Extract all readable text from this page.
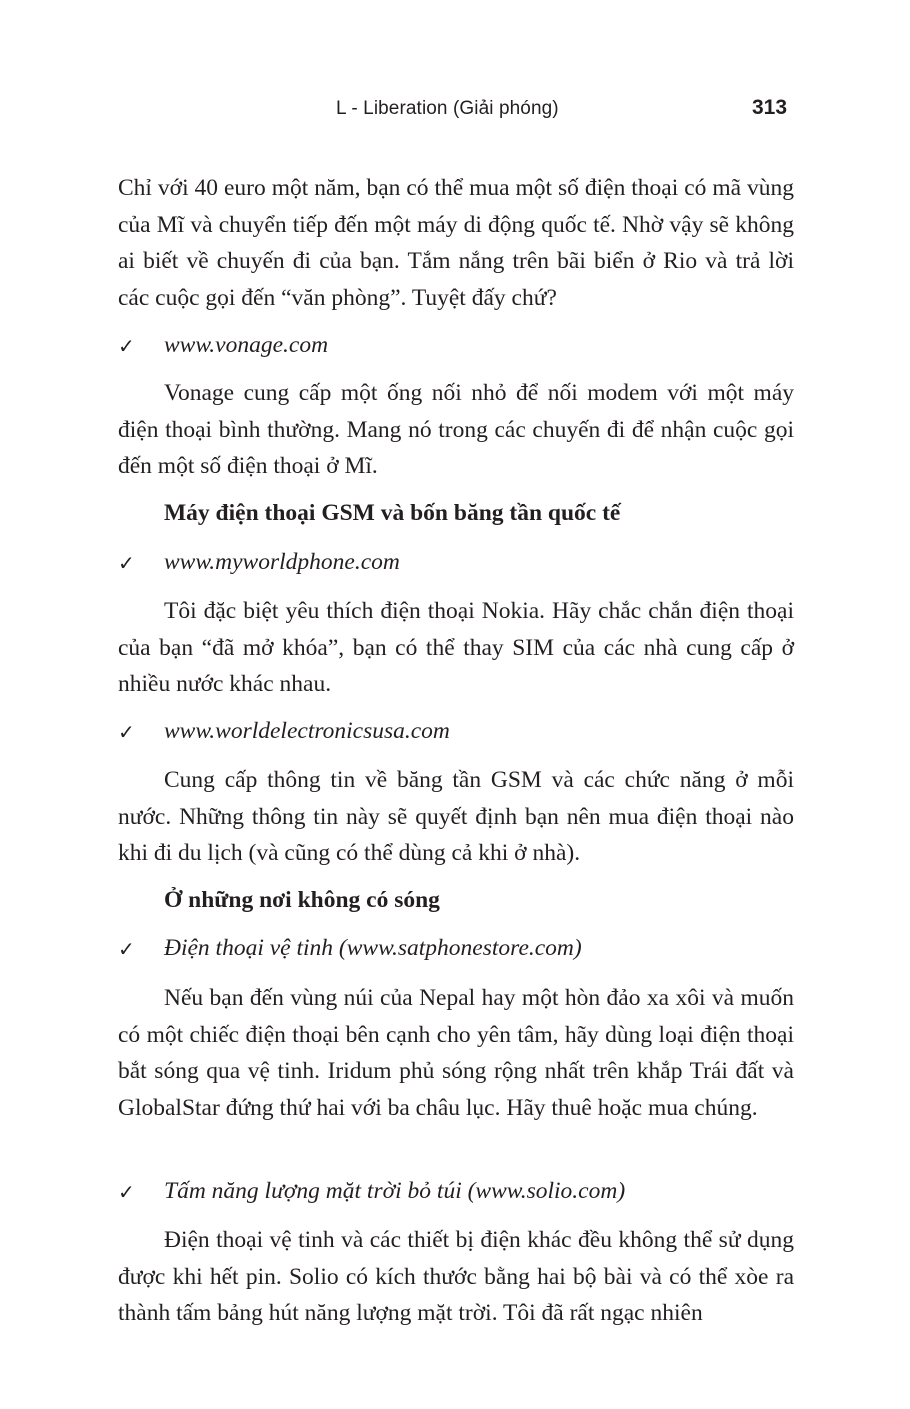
L - Liberation (Giải phóng)	313

Chỉ với 40 euro một năm, bạn có thể mua một số điện thoại có mã vùng của Mĩ và chuyển tiếp đến một máy di động quốc tế. Nhờ vậy sẽ không ai biết về chuyến đi của bạn. Tắm nắng trên bãi biển ở Rio và trả lời các cuộc gọi đến “văn phòng”. Tuyệt đấy chứ?

✓ www.vonage.com

Vonage cung cấp một ống nối nhỏ để nối modem với một máy điện thoại bình thường. Mang nó trong các chuyến đi để nhận cuộc gọi đến một số điện thoại ở Mĩ.

Máy điện thoại GSM và bốn băng tần quốc tế

✓ www.myworldphone.com

Tôi đặc biệt yêu thích điện thoại Nokia. Hãy chắc chắn điện thoại của bạn “đã mở khóa”, bạn có thể thay SIM của các nhà cung cấp ở nhiều nước khác nhau.

✓ www.worldelectronicsusa.com

Cung cấp thông tin về băng tần GSM và các chức năng ở mỗi nước. Những thông tin này sẽ quyết định bạn nên mua điện thoại nào khi đi du lịch (và cũng có thể dùng cả khi ở nhà).

Ở những nơi không có sóng

✓ Điện thoại vệ tinh (www.satphonestore.com)

Nếu bạn đến vùng núi của Nepal hay một hòn đảo xa xôi và muốn có một chiếc điện thoại bên cạnh cho yên tâm, hãy dùng loại điện thoại bắt sóng qua vệ tinh. Iridum phủ sóng rộng nhất trên khắp Trái đất và GlobalStar đứng thứ hai với ba châu lục. Hãy thuê hoặc mua chúng.

✓ Tấm năng lượng mặt trời bỏ túi (www.solio.com)

Điện thoại vệ tinh và các thiết bị điện khác đều không thể sử dụng được khi hết pin. Solio có kích thước bằng hai bộ bài và có thể xòe ra thành tấm bảng hút năng lượng mặt trời. Tôi đã rất ngạc nhiên
